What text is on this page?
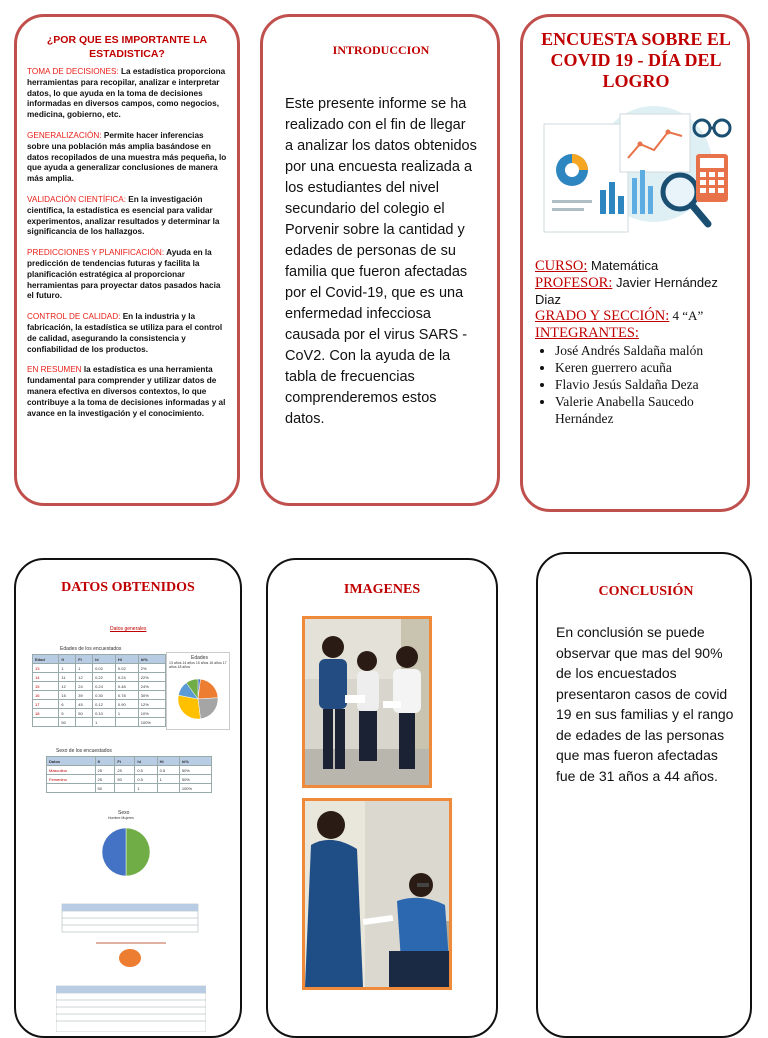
¿POR QUE ES IMPORTANTE LA ESTADISTICA?
TOMA DE DECISIONES: La estadística proporciona herramientas para recopilar, analizar e interpretar datos, lo que ayuda en la toma de decisiones informadas en diversos campos, como negocios, medicina, gobierno, etc.
GENERALIZACIÓN: Permite hacer inferencias sobre una población más amplia basándose en datos recopilados de una muestra más pequeña, lo que ayuda a generalizar conclusiones de manera más amplia.
VALIDACIÓN CIENTÍFICA: En la investigación científica, la estadística es esencial para validar experimentos, analizar resultados y determinar la significancia de los hallazgos.
PREDICCIONES Y PLANIFICACIÓN: Ayuda en la predicción de tendencias futuras y facilita la planificación estratégica al proporcionar herramientas para proyectar datos pasados hacia el futuro.
CONTROL DE CALIDAD: En la industria y la fabricación, la estadística se utiliza para el control de calidad, asegurando la consistencia y confiabilidad de los productos.
EN RESUMEN la estadística es una herramienta fundamental para comprender y utilizar datos de manera efectiva en diversos contextos, lo que contribuye a la toma de decisiones informadas y al avance en la investigación y el conocimiento.
INTRODUCCION
Este presente informe se ha realizado con el fin de llegar a analizar los datos obtenidos por una encuesta realizada a los estudiantes del nivel secundario del colegio el Porvenir sobre la cantidad y edades de personas de su familia que fueron afectadas por el Covid-19, que es una enfermedad infecciosa causada por el virus SARS - CoV2. Con la ayuda de la tabla de frecuencias comprenderemos estos datos.
ENCUESTA SOBRE EL COVID 19 - DÍA DEL LOGRO
CURSO: Matemática
PROFESOR: Javier Hernández Diaz
GRADO Y SECCIÓN: 4 “A”
INTEGRANTES:
• José Andrés Saldaña malón
• Keren guerrero acuña
• Flavio Jesús Saldaña Deza
• Valerie Anabella Saucedo Hernández
DATOS OBTENIDOS
Datos generales
Edades de los encuestados
Edad	fi	Fi	hi	Hi	hi%
13	1	1	0.02	0.02	2%
14	11	12	0.22	0.24	22%
15	12	24	0.24	0.48	24%
16	15	39	0.30	0.78	30%
17	6	45	0.12	0.90	12%
18	5	50	0.10	1	10%
	50		1		100%
Edades
13 años 14 años 15 años 16 años 17 años 18 años
Sexo de los encuestados
Datos	fi	Fi	hi	Hi	hi%
Masculino	25	25	0.5	0.5	50%
Femenino	25	50	0.5	1	50%
	50		1		100%
Sexo
Hombre Mujeres
IMAGENES	CONCLUSIÓN
En conclusión se puede observar que mas del 90% de los encuestados presentaron casos de covid 19 en sus familias y el rango de edades de las personas que mas fueron afectadas fue de 31 años a 44 años.
